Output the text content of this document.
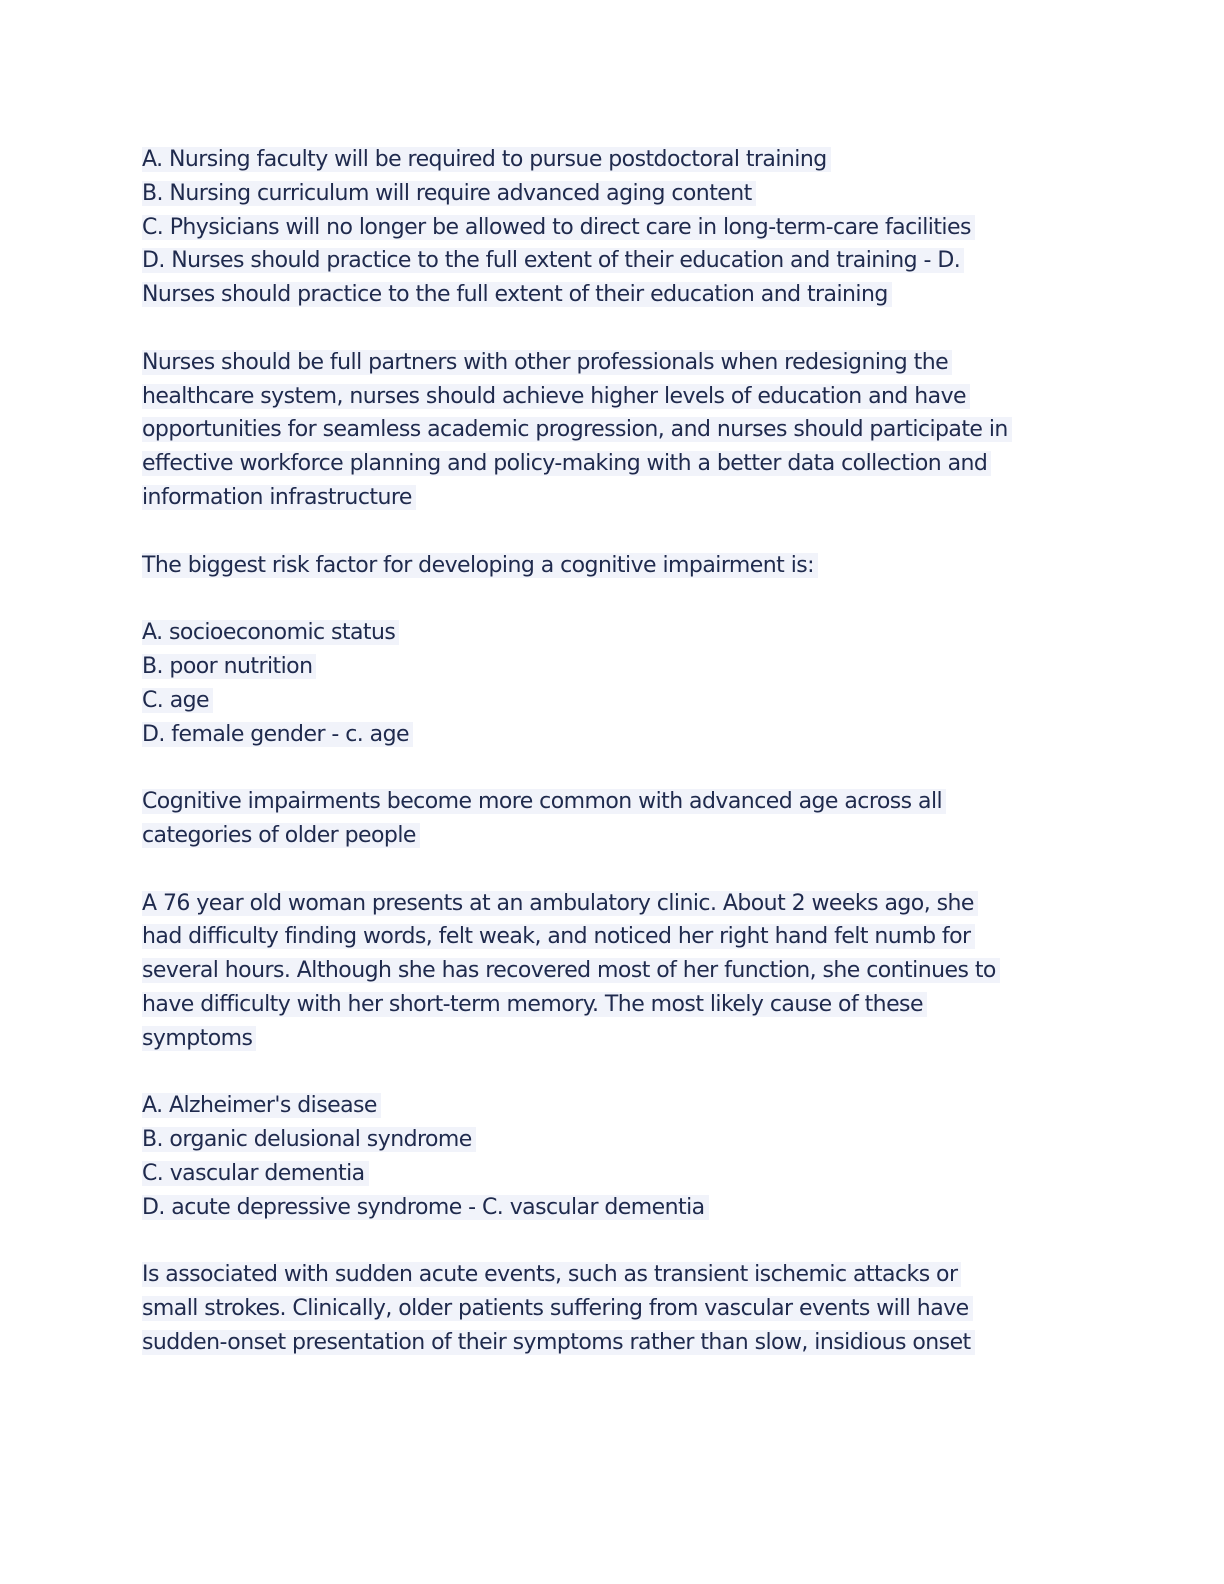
A. Nursing faculty will be required to pursue postdoctoral training
B. Nursing curriculum will require advanced aging content
C. Physicians will no longer be allowed to direct care in long-term-care facilities
D. Nurses should practice to the full extent of their education and training - D.
Nurses should practice to the full extent of their education and training
Nurses should be full partners with other professionals when redesigning the
healthcare system, nurses should achieve higher levels of education and have
opportunities for seamless academic progression, and nurses should participate in
effective workforce planning and policy-making with a better data collection and
information infrastructure
The biggest risk factor for developing a cognitive impairment is:
A. socioeconomic status
B. poor nutrition
C. age
D. female gender - c. age
Cognitive impairments become more common with advanced age across all
categories of older people
A 76 year old woman presents at an ambulatory clinic. About 2 weeks ago, she
had difficulty finding words, felt weak, and noticed her right hand felt numb for
several hours. Although she has recovered most of her function, she continues to
have difficulty with her short-term memory. The most likely cause of these
symptoms
A. Alzheimer's disease
B. organic delusional syndrome
C. vascular dementia
D. acute depressive syndrome - C. vascular dementia
Is associated with sudden acute events, such as transient ischemic attacks or
small strokes. Clinically, older patients suffering from vascular events will have
sudden-onset presentation of their symptoms rather than slow, insidious onset
